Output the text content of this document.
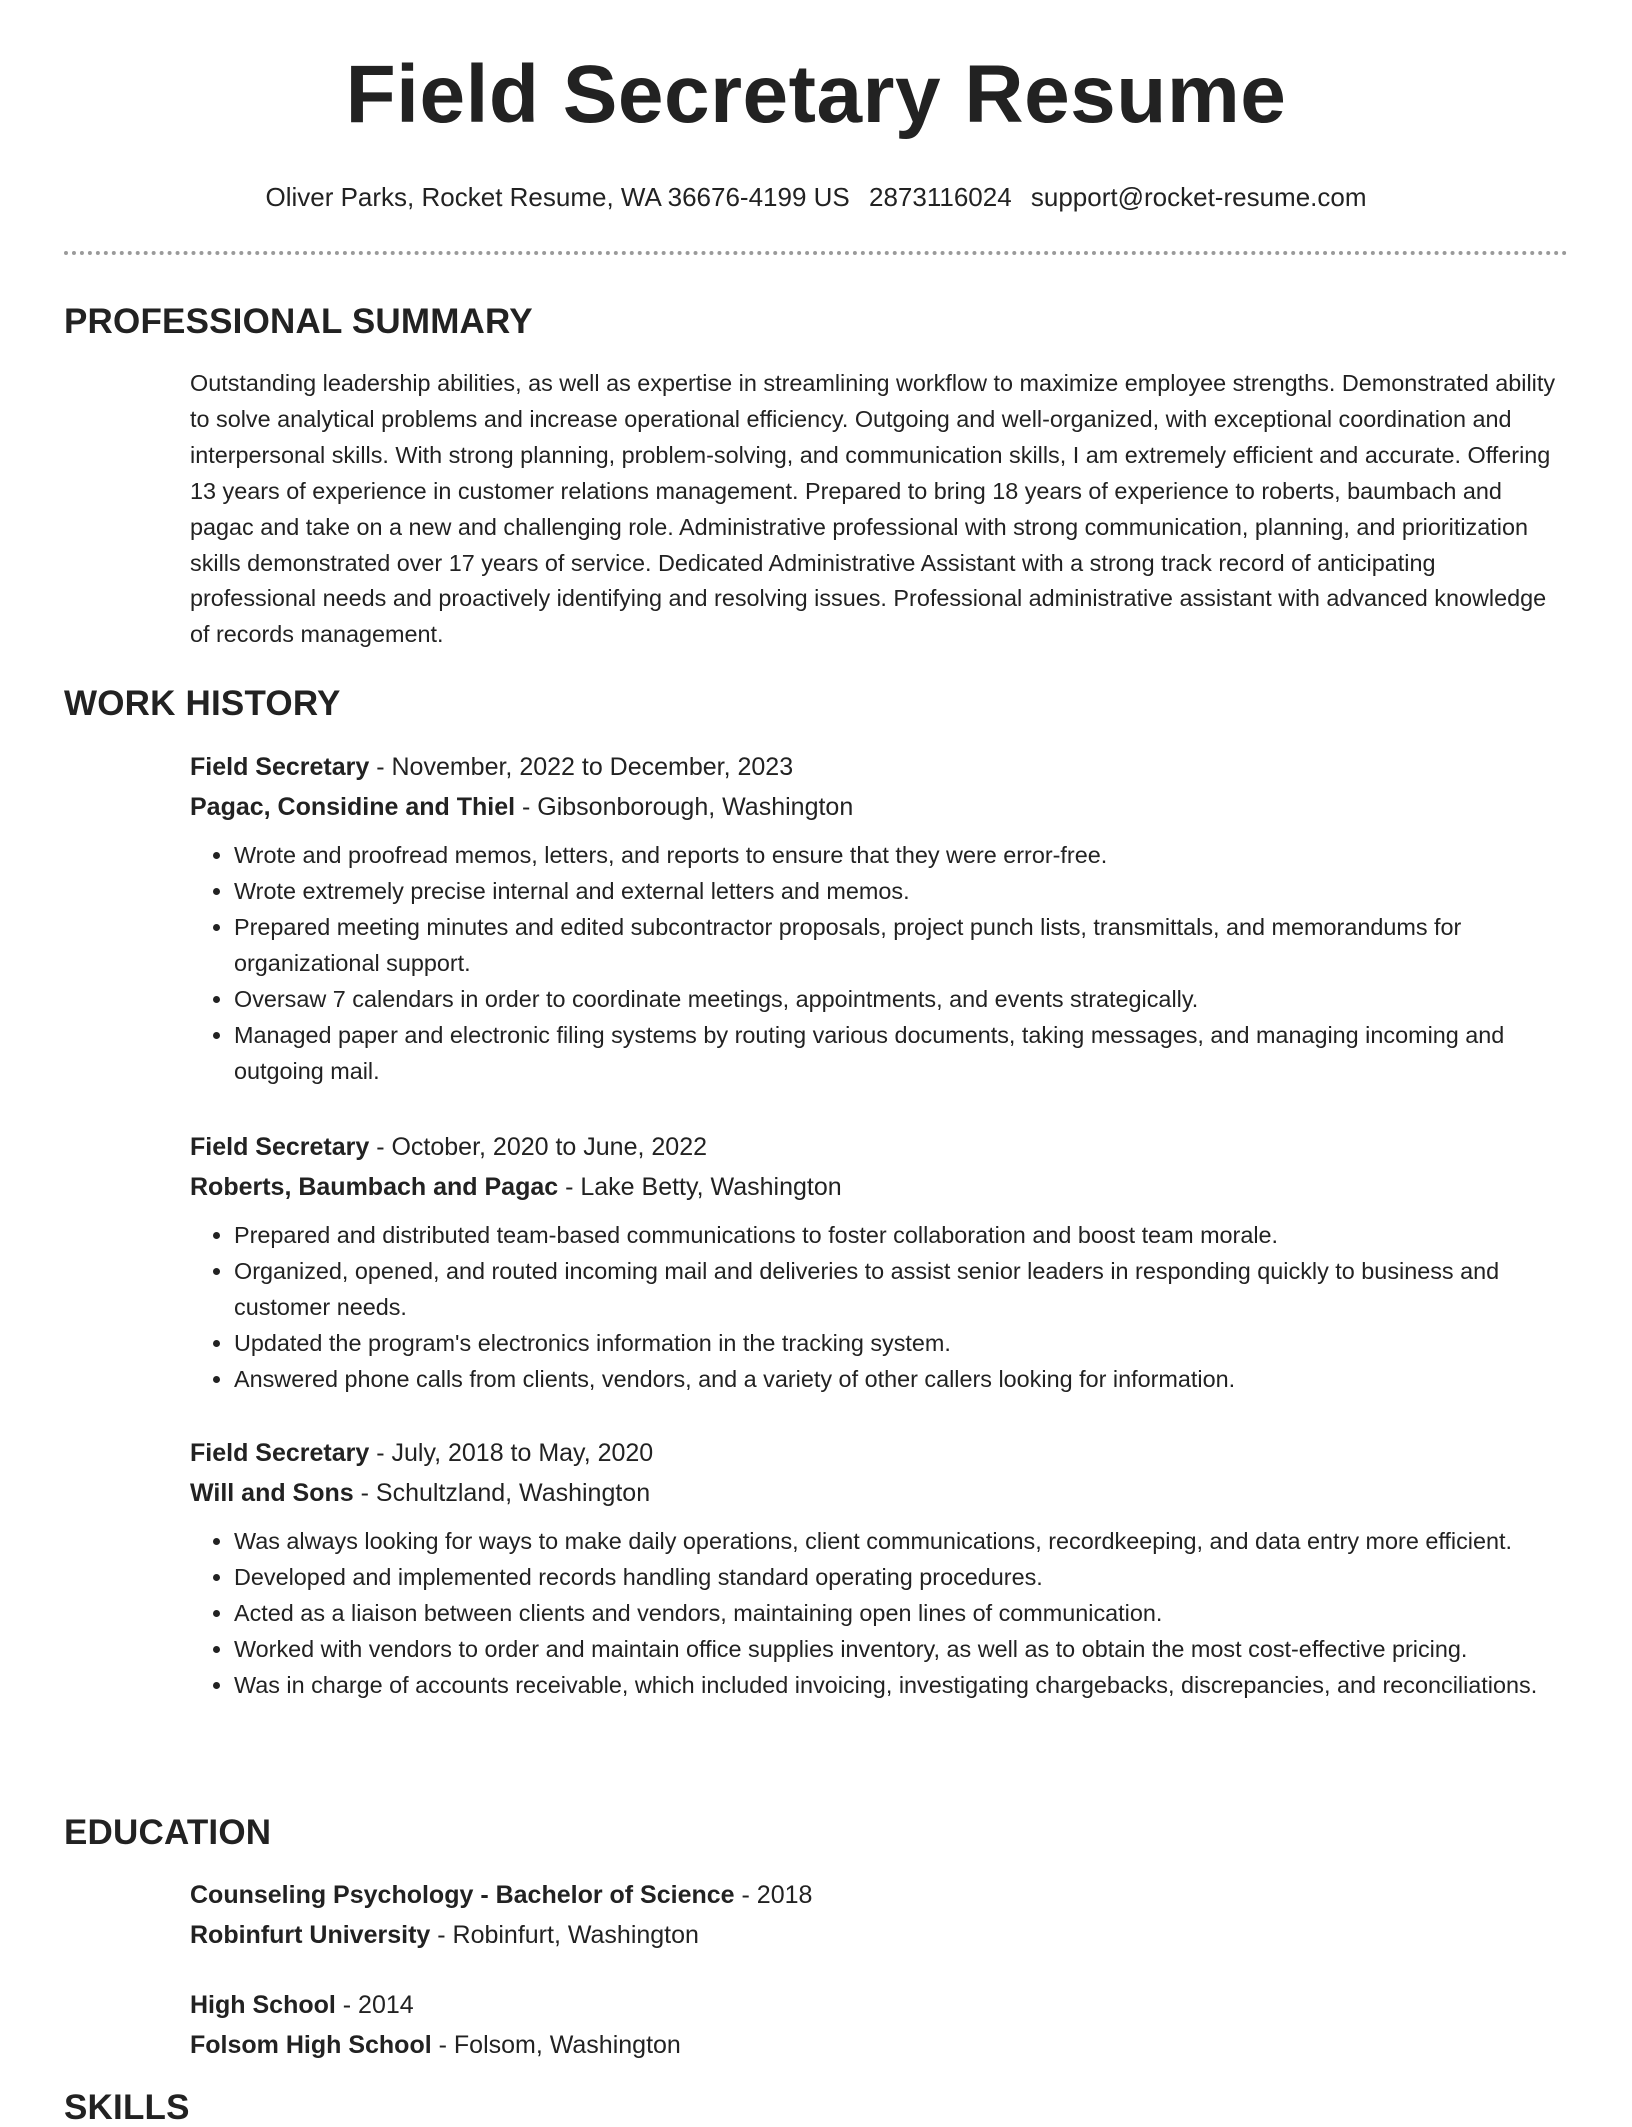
Field Secretary Resume
Oliver Parks, Rocket Resume, WA 36676-4199 US 2873116024 support@rocket-resume.com
PROFESSIONAL SUMMARY
Outstanding leadership abilities, as well as expertise in streamlining workflow to maximize employee strengths. Demonstrated ability to solve analytical problems and increase operational efficiency. Outgoing and well-organized, with exceptional coordination and interpersonal skills. With strong planning, problem-solving, and communication skills, I am extremely efficient and accurate. Offering 13 years of experience in customer relations management. Prepared to bring 18 years of experience to roberts, baumbach and pagac and take on a new and challenging role. Administrative professional with strong communication, planning, and prioritization skills demonstrated over 17 years of service. Dedicated Administrative Assistant with a strong track record of anticipating professional needs and proactively identifying and resolving issues. Professional administrative assistant with advanced knowledge of records management.
WORK HISTORY
Field Secretary - November, 2022 to December, 2023
Pagac, Considine and Thiel - Gibsonborough, Washington
• Wrote and proofread memos, letters, and reports to ensure that they were error-free.
• Wrote extremely precise internal and external letters and memos.
• Prepared meeting minutes and edited subcontractor proposals, project punch lists, transmittals, and memorandums for organizational support.
• Oversaw 7 calendars in order to coordinate meetings, appointments, and events strategically.
• Managed paper and electronic filing systems by routing various documents, taking messages, and managing incoming and outgoing mail.
Field Secretary - October, 2020 to June, 2022
Roberts, Baumbach and Pagac - Lake Betty, Washington
• Prepared and distributed team-based communications to foster collaboration and boost team morale.
• Organized, opened, and routed incoming mail and deliveries to assist senior leaders in responding quickly to business and customer needs.
• Updated the program's electronics information in the tracking system.
• Answered phone calls from clients, vendors, and a variety of other callers looking for information.
Field Secretary - July, 2018 to May, 2020
Will and Sons - Schultzland, Washington
• Was always looking for ways to make daily operations, client communications, recordkeeping, and data entry more efficient.
• Developed and implemented records handling standard operating procedures.
• Acted as a liaison between clients and vendors, maintaining open lines of communication.
• Worked with vendors to order and maintain office supplies inventory, as well as to obtain the most cost-effective pricing.
• Was in charge of accounts receivable, which included invoicing, investigating chargebacks, discrepancies, and reconciliations.
EDUCATION
Counseling Psychology - Bachelor of Science - 2018
Robinfurt University - Robinfurt, Washington
High School - 2014
Folsom High School - Folsom, Washington
SKILLS
